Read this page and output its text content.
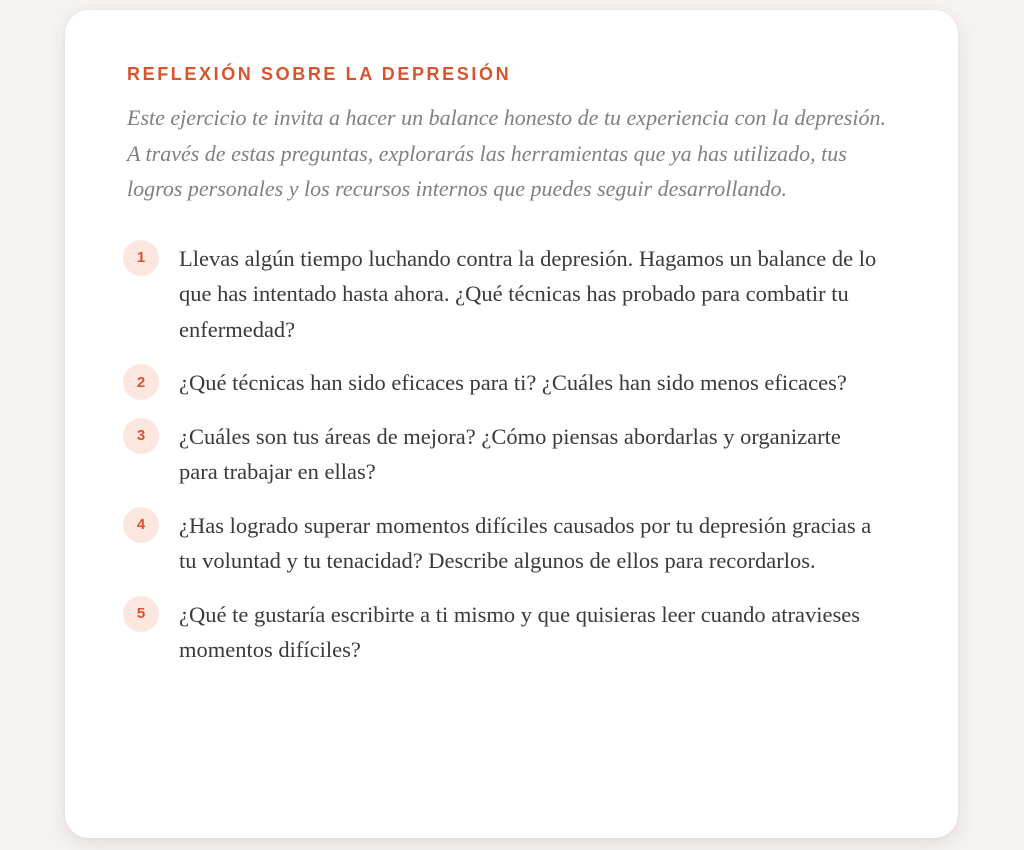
REFLEXIÓN SOBRE LA DEPRESIÓN

Este ejercicio te invita a hacer un balance honesto de tu experiencia con la depresión. A través de estas preguntas, explorarás las herramientas que ya has utilizado, tus logros personales y los recursos internos que puedes seguir desarrollando.

1	Llevas algún tiempo luchando contra la depresión. Hagamos un balance de lo que has intentado hasta ahora. ¿Qué técnicas has probado para combatir tu enfermedad?

2	¿Qué técnicas han sido eficaces para ti? ¿Cuáles han sido menos eficaces?

3	¿Cuáles son tus áreas de mejora? ¿Cómo piensas abordarlas y organizarte para trabajar en ellas?

4	¿Has logrado superar momentos difíciles causados por tu depresión gracias a tu voluntad y tu tenacidad? Describe algunos de ellos para recordarlos.

5	¿Qué te gustaría escribirte a ti mismo y que quisieras leer cuando atravieses momentos difíciles?
